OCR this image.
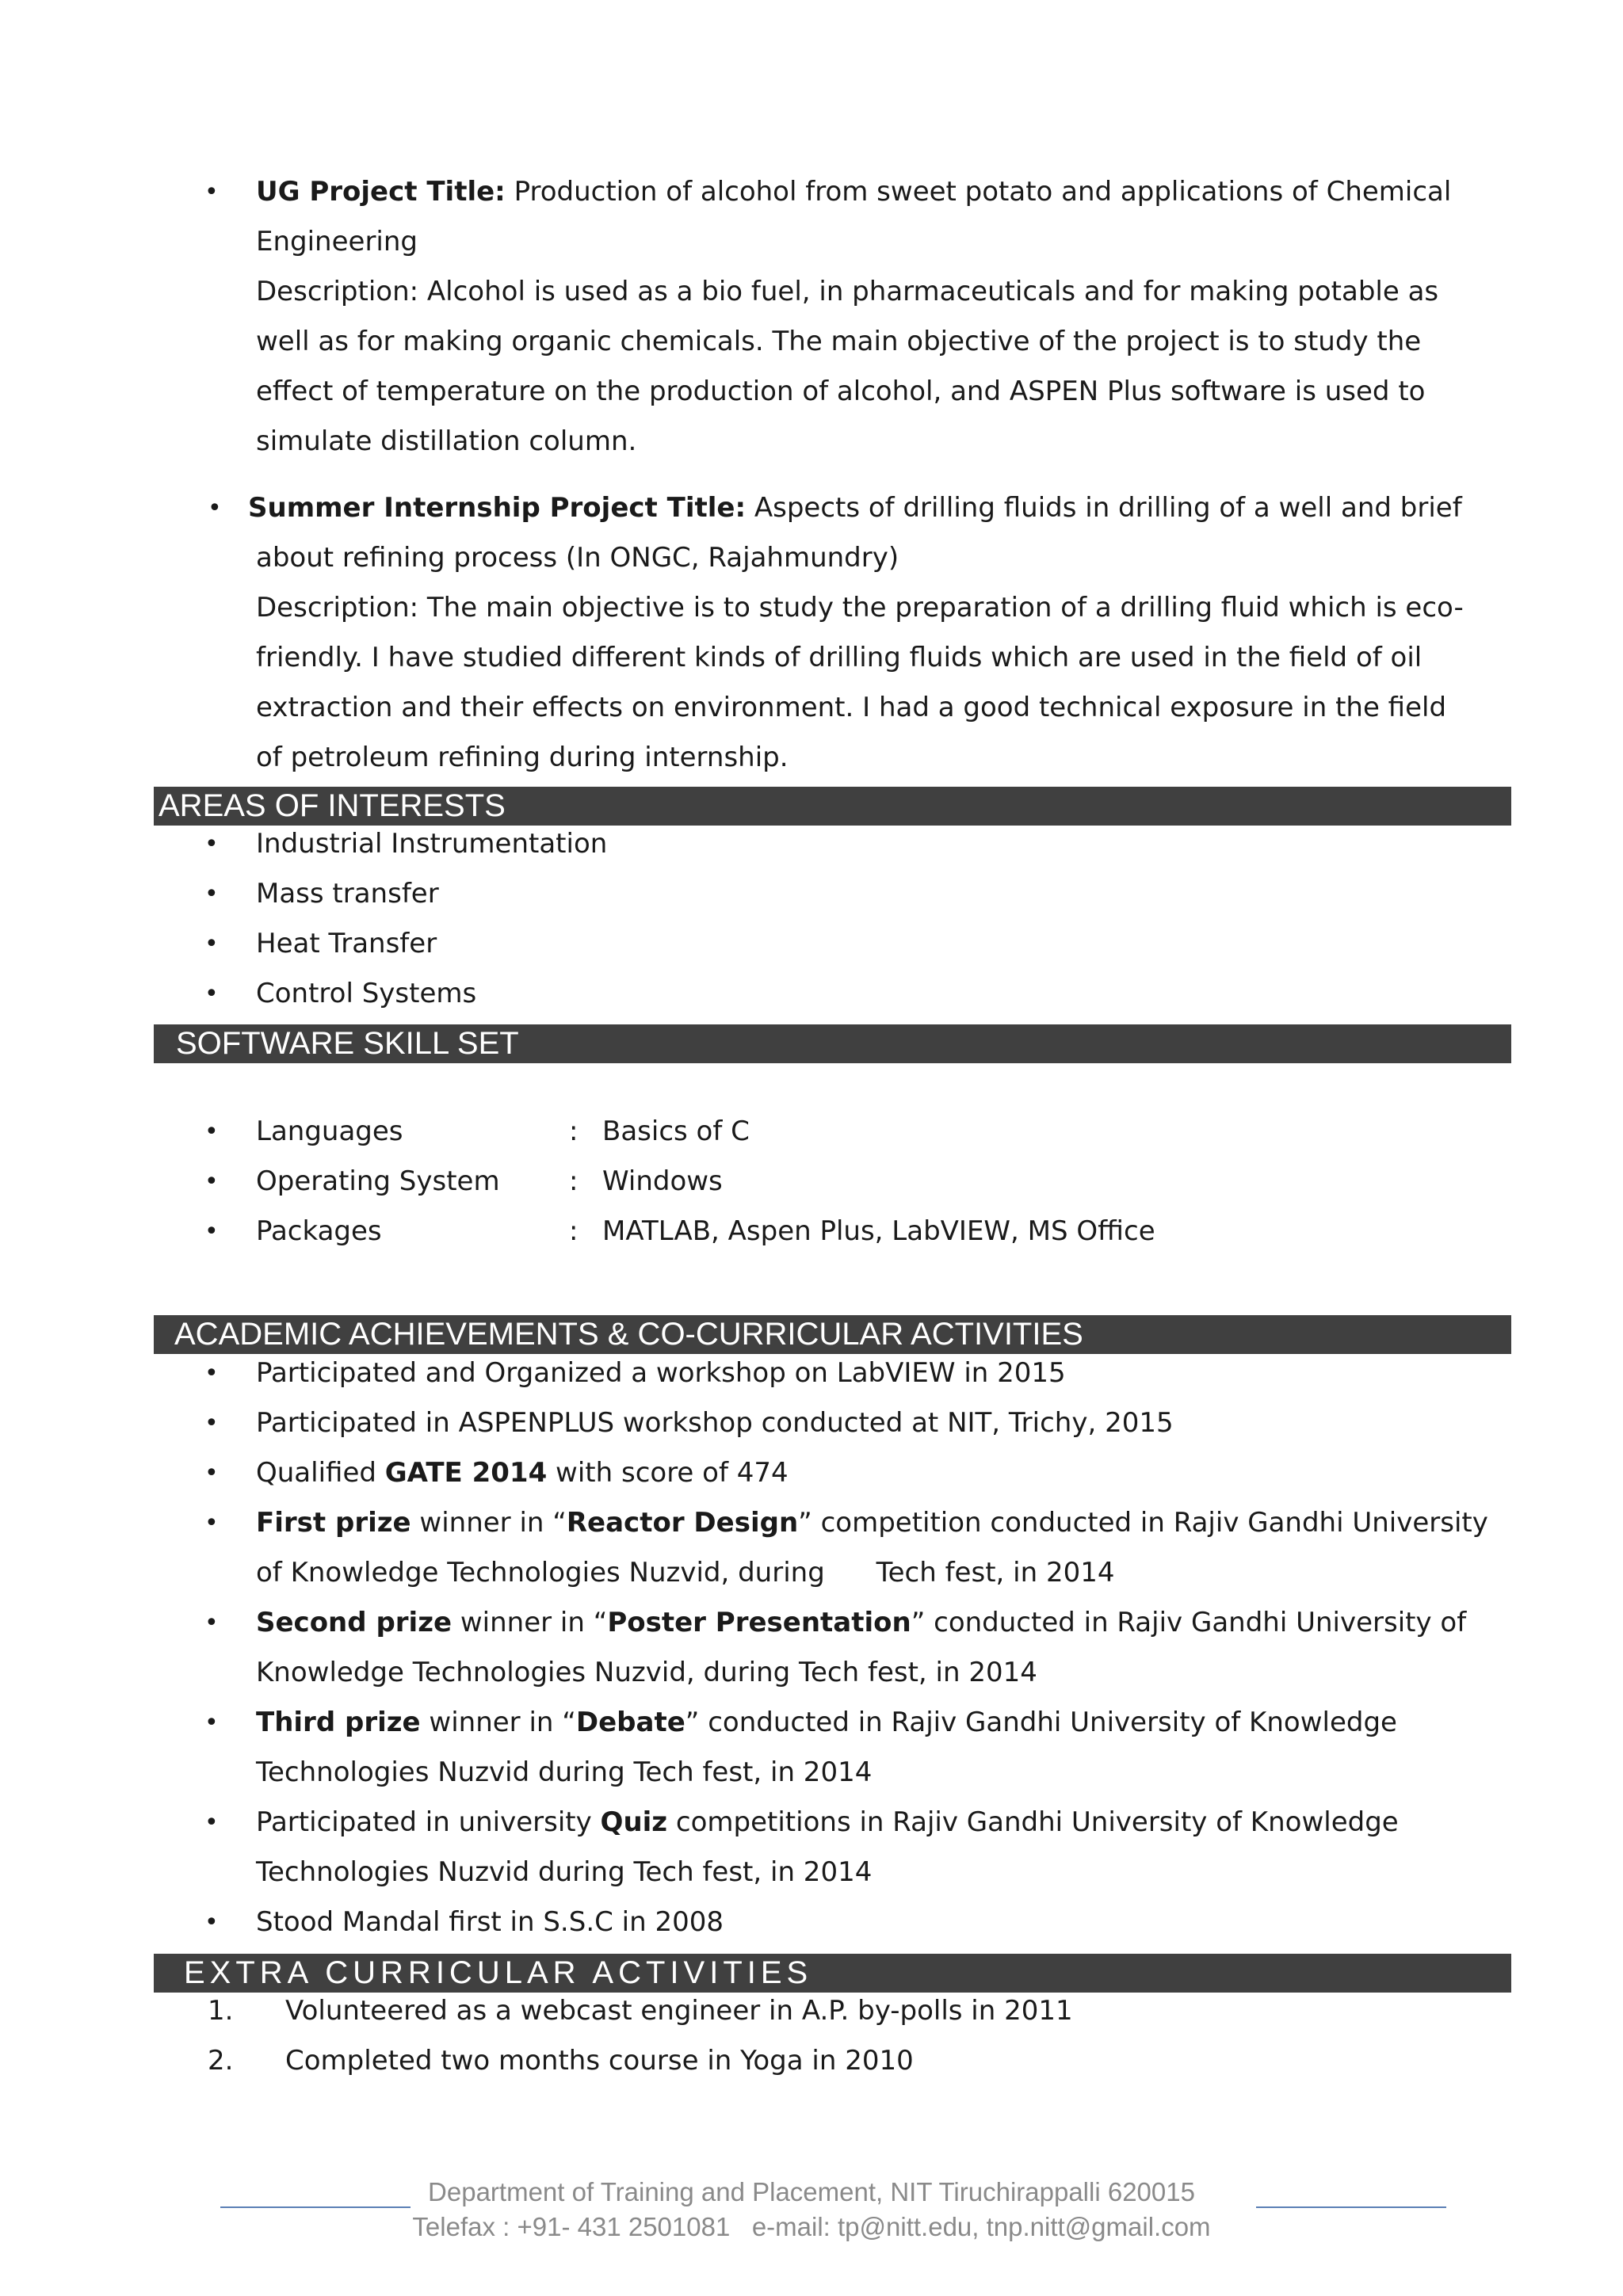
• UG Project Title: Production of alcohol from sweet potato and applications of Chemical
Engineering
Description: Alcohol is used as a bio fuel, in pharmaceuticals and for making potable as
well as for making organic chemicals. The main objective of the project is to study the
effect of temperature on the production of alcohol, and ASPEN Plus software is used to
simulate distillation column.
• Summer Internship Project Title: Aspects of drilling fluids in drilling of a well and brief
about refining process (In ONGC, Rajahmundry)
Description: The main objective is to study the preparation of a drilling fluid which is eco-
friendly. I have studied different kinds of drilling fluids which are used in the field of oil
extraction and their effects on environment. I had a good technical exposure in the field
of petroleum refining during internship.
AREAS OF INTERESTS
• Industrial Instrumentation
• Mass transfer
• Heat Transfer
• Control Systems
SOFTWARE SKILL SET
• Languages	: Basics of C
• Operating System	: Windows
• Packages	: MATLAB, Aspen Plus, LabVIEW, MS Office
ACADEMIC ACHIEVEMENTS & CO-CURRICULAR ACTIVITIES
• Participated and Organized a workshop on LabVIEW in 2015
• Participated in ASPENPLUS workshop conducted at NIT, Trichy, 2015
• Qualified GATE 2014 with score of 474
• First prize winner in “Reactor Design” competition conducted in Rajiv Gandhi University
of Knowledge Technologies Nuzvid, during      Tech fest, in 2014
• Second prize winner in “Poster Presentation” conducted in Rajiv Gandhi University of
Knowledge Technologies Nuzvid, during Tech fest, in 2014
• Third prize winner in “Debate” conducted in Rajiv Gandhi University of Knowledge
Technologies Nuzvid during Tech fest, in 2014
• Participated in university Quiz competitions in Rajiv Gandhi University of Knowledge
Technologies Nuzvid during Tech fest, in 2014
• Stood Mandal first in S.S.C in 2008
EXTRA CURRICULAR ACTIVITIES
1. Volunteered as a webcast engineer in A.P. by-polls in 2011
2. Completed two months course in Yoga in 2010
Department of Training and Placement, NIT Tiruchirappalli 620015
Telefax : +91- 431 2501081   e-mail: tp@nitt.edu, tnp.nitt@gmail.com
